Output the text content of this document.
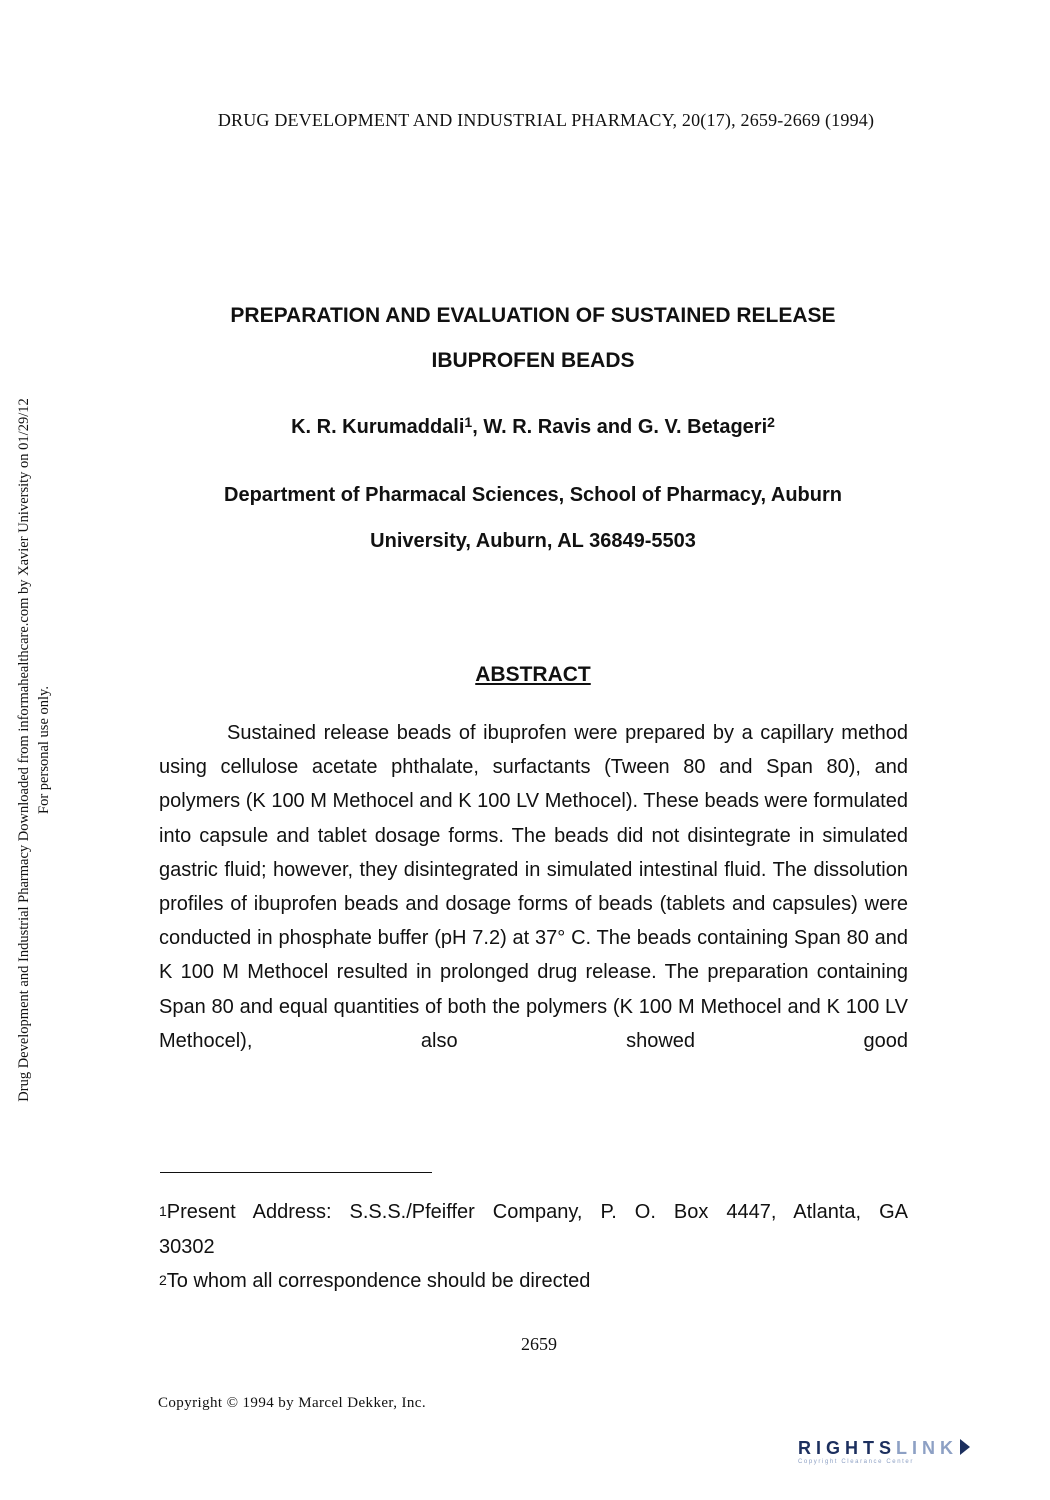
DRUG DEVELOPMENT AND INDUSTRIAL PHARMACY, 20(17), 2659-2669 (1994)
Drug Development and Industrial Pharmacy Downloaded from informahealthcare.com by Xavier University on 01/29/12 For personal use only.
PREPARATION AND EVALUATION OF SUSTAINED RELEASE
IBUPROFEN BEADS
K. R. Kurumaddali$^1$, W. R. Ravis and G. V. Betageri$^2$
Department of Pharmacal Sciences, School of Pharmacy, Auburn
University, Auburn, AL 36849-5503
ABSTRACT

Sustained release beads of ibuprofen were prepared by a capillary method using cellulose acetate phthalate, surfactants (Tween 80 and Span 80), and polymers (K 100 M Methocel and K 100 LV Methocel). These beads were formulated into capsule and tablet dosage forms. The beads did not disintegrate in simulated gastric fluid; however, they disintegrated in simulated intestinal fluid. The dissolution profiles of ibuprofen beads and dosage forms of beads (tablets and capsules) were conducted in phosphate buffer (pH 7.2) at 37° C. The beads containing Span 80 and K 100 M Methocel resulted in prolonged drug release. The preparation containing Span 80 and equal quantities of both the polymers (K 100 M Methocel and K 100 LV Methocel), also showed good

$^1$Present Address: S.S.S./Pfeiffer Company, P. O. Box 4447, Atlanta, GA
30302
$^2$To whom all correspondence should be directed
2659
Copyright © 1994 by Marcel Dekker, Inc.
RIGHTSLINK
Copyright Clearance Center
